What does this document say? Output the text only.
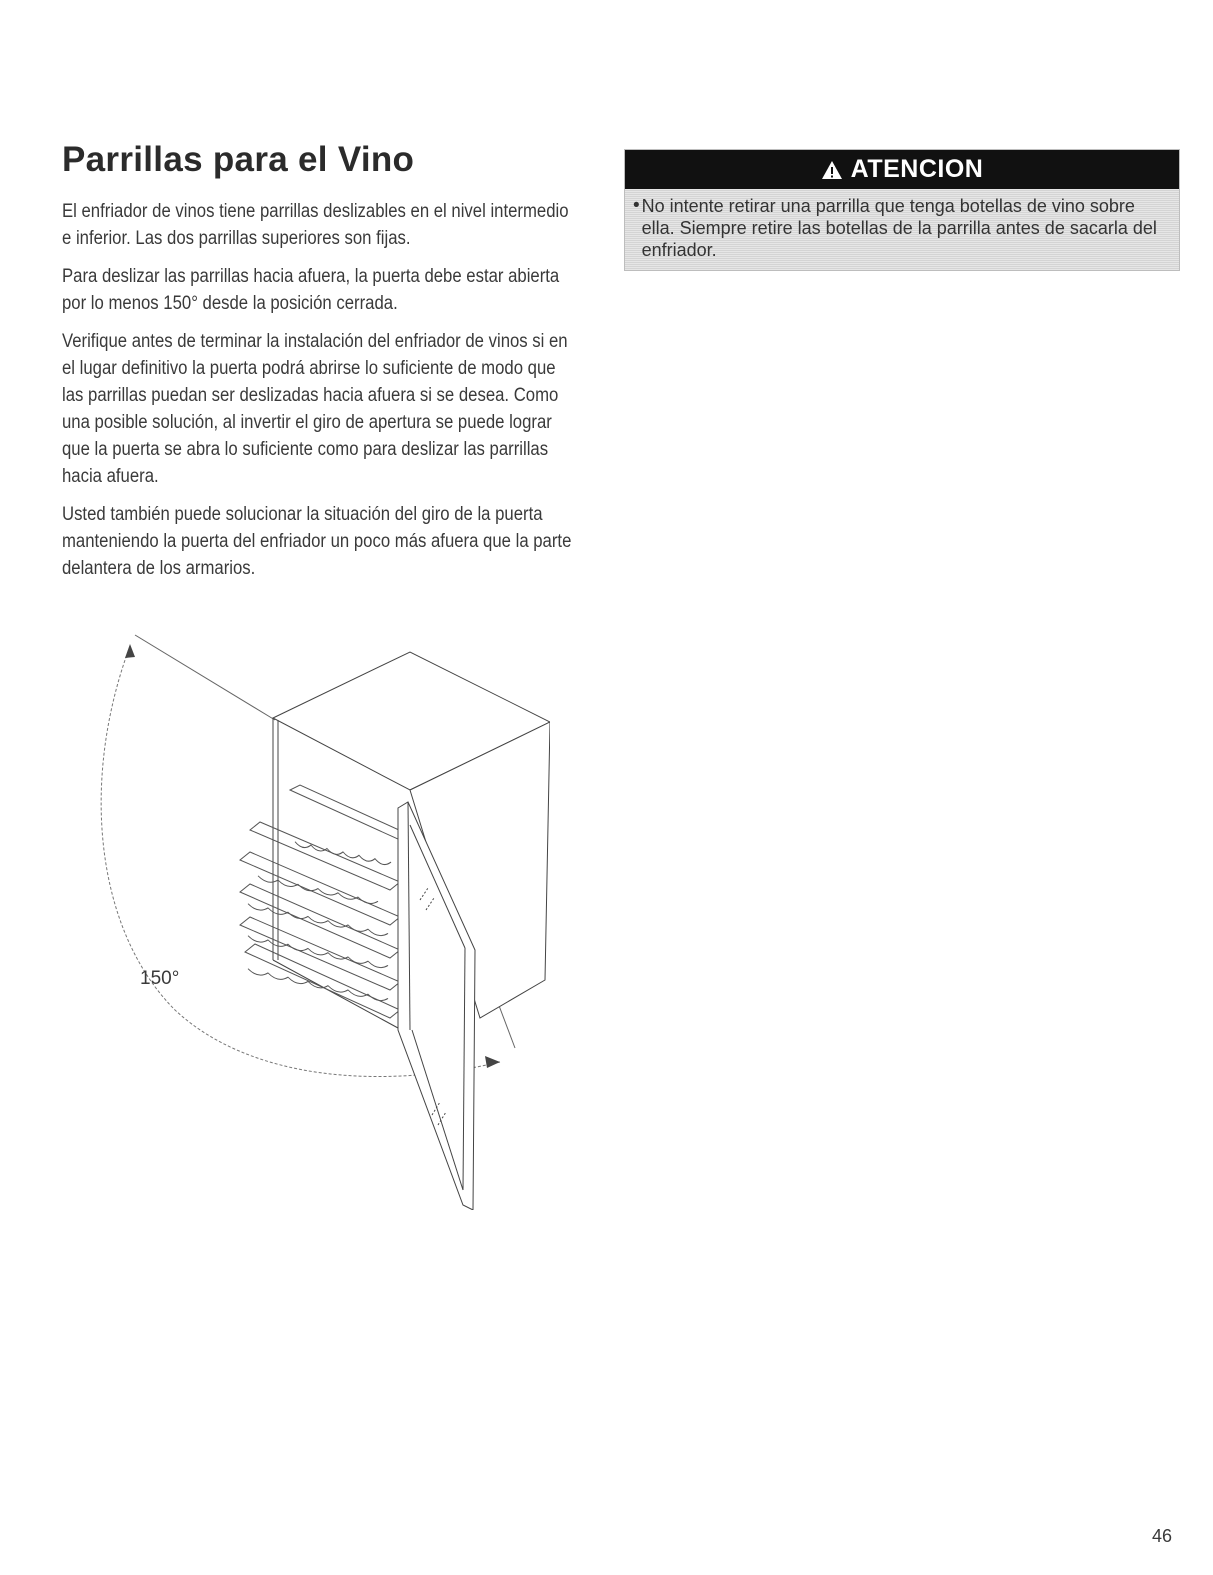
Parrillas para el Vino

El enfriador de vinos tiene parrillas deslizables en el nivel intermedio e inferior. Las dos parrillas superiores son fijas.

Para deslizar las parrillas hacia afuera, la puerta debe estar abierta por lo menos 150° desde la posición cerrada.

Verifique antes de terminar la instalación del enfriador de vinos si en el lugar definitivo la puerta podrá abrirse lo suficiente de modo que las parrillas puedan ser deslizadas hacia afuera si se desea. Como una posible solución, al invertir el giro de apertura se puede lograr que la puerta se abra lo suficiente como para deslizar las parrillas hacia afuera.

Usted también puede solucionar la situación del giro de la puerta manteniendo la puerta del enfriador un poco más afuera que la parte delantera de los armarios.

ATENCION
• No intente retirar una parrilla que tenga botellas de vino sobre ella. Siempre retire las botellas de la parrilla antes de sacarla del enfriador.

150°
46
